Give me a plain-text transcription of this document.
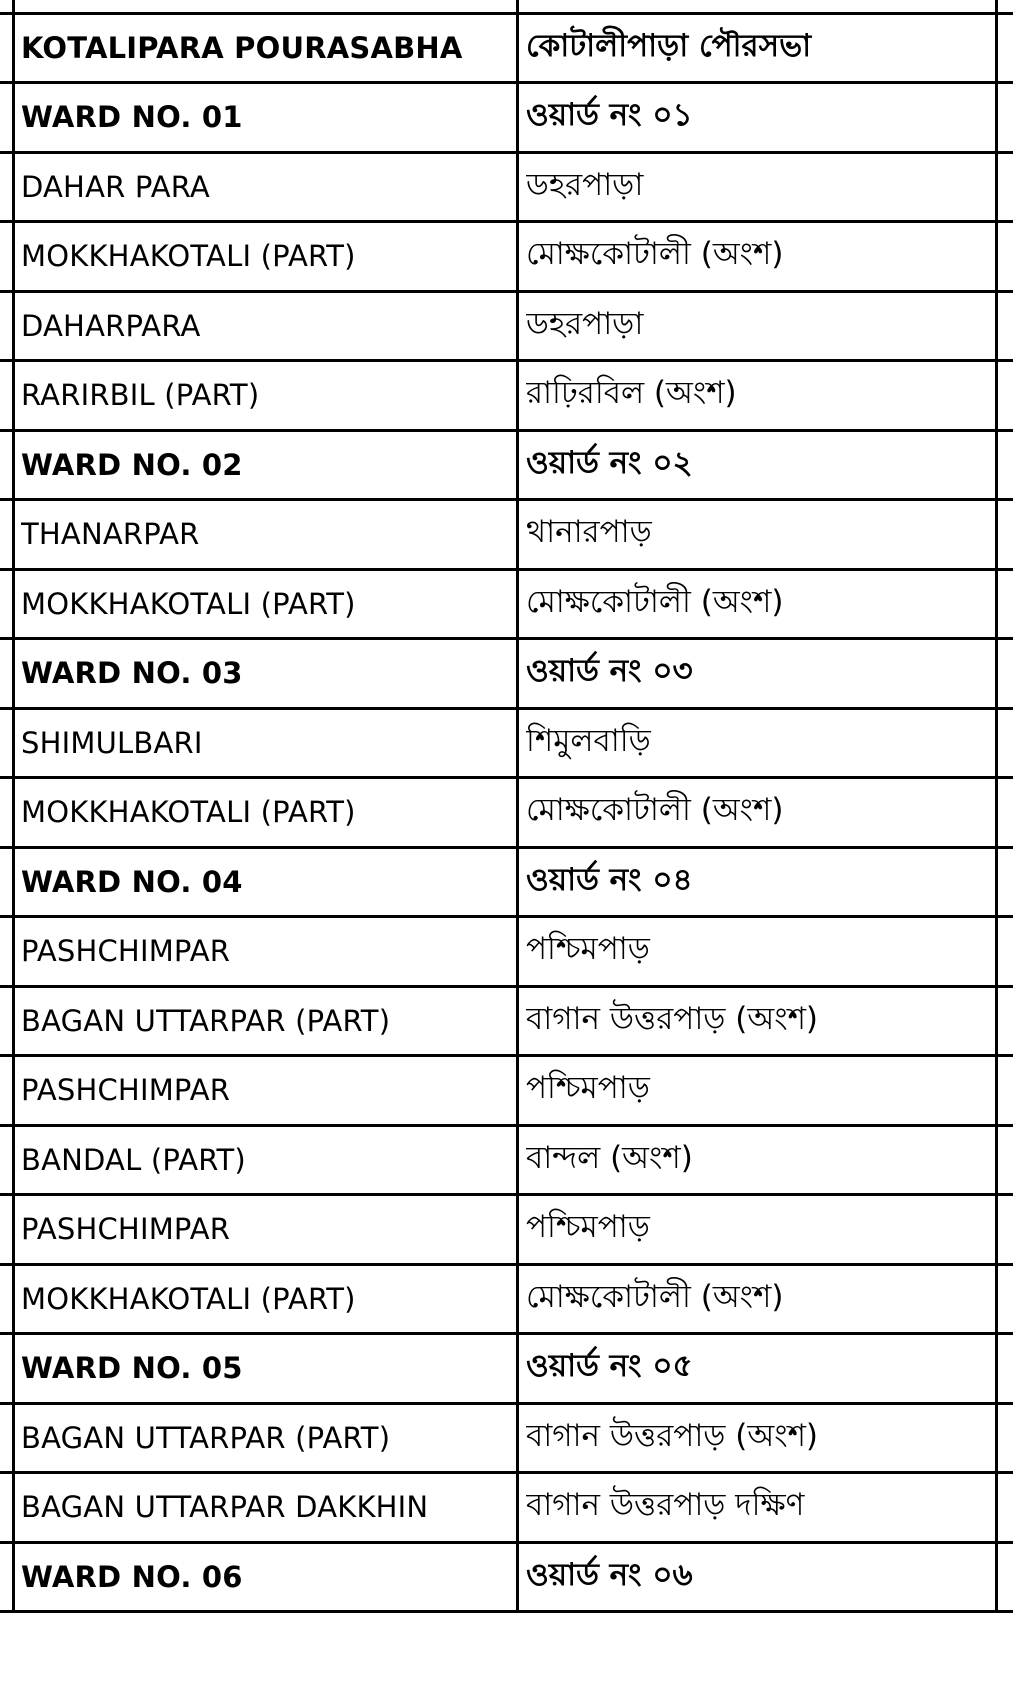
KOTALIPARA POURASABHA	কোটালীপাড়া পৌরসভা
WARD NO. 01	ওয়ার্ড নং ০১
DAHAR PARA	ডহরপাড়া
MOKKHAKOTALI (PART)	মোক্ষকোটালী (অংশ)
DAHARPARA	ডহরপাড়া
RARIRBIL (PART)	রাঢ়িরবিল (অংশ)
WARD NO. 02	ওয়ার্ড নং ০২
THANARPAR	থানারপাড়
MOKKHAKOTALI (PART)	মোক্ষকোটালী (অংশ)
WARD NO. 03	ওয়ার্ড নং ০৩
SHIMULBARI	শিমুলবাড়ি
MOKKHAKOTALI (PART)	মোক্ষকোটালী (অংশ)
WARD NO. 04	ওয়ার্ড নং ০৪
PASHCHIMPAR	পশ্চিমপাড়
BAGAN UTTARPAR (PART)	বাগান উত্তরপাড় (অংশ)
PASHCHIMPAR	পশ্চিমপাড়
BANDAL (PART)	বান্দল (অংশ)
PASHCHIMPAR	পশ্চিমপাড়
MOKKHAKOTALI (PART)	মোক্ষকোটালী (অংশ)
WARD NO. 05	ওয়ার্ড নং ০৫
BAGAN UTTARPAR (PART)	বাগান উত্তরপাড় (অংশ)
BAGAN UTTARPAR DAKKHIN	বাগান উত্তরপাড় দক্ষিণ
WARD NO. 06	ওয়ার্ড নং ০৬
